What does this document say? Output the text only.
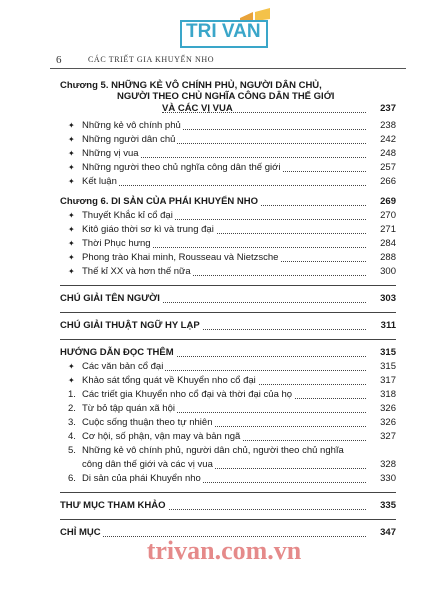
TRI VAN
6	CÁC TRIẾT GIA KHUYỂN NHO
Chương 5. NHỮNG KẺ VÔ CHÍNH PHỦ, NGƯỜI DÂN CHỦ,
NGƯỜI THEO CHỦ NGHĨA CÔNG DÂN THẾ GIỚI
VÀ CÁC VỊ VUA	237
✦ Những kẻ vô chính phủ	238
✦ Những người dân chủ	242
✦ Những vị vua	248
✦ Những người theo chủ nghĩa công dân thế giới	257
✦ Kết luận	266
Chương 6. DI SẢN CỦA PHÁI KHUYỂN NHO	269
✦ Thuyết Khắc kỉ cổ đại	270
✦ Kitô giáo thời sơ kì và trung đại	271
✦ Thời Phục hưng	284
✦ Phong trào Khai minh, Rousseau và Nietzsche	288
✦ Thế kỉ XX và hơn thế nữa	300
CHÚ GIẢI TÊN NGƯỜI	303
CHÚ GIẢI THUẬT NGỮ HY LẠP	311
HƯỚNG DẪN ĐỌC THÊM	315
✦ Các văn bản cổ đại	315
✦ Khảo sát tổng quát về Khuyển nho cổ đại	317
1. Các triết gia Khuyển nho cổ đại và thời đại của họ	318
2. Từ bỏ tập quán xã hội	326
3. Cuộc sống thuận theo tự nhiên	326
4. Cơ hội, số phận, vận may và bản ngã	327
5. Những kẻ vô chính phủ, người dân chủ, người theo chủ nghĩa
công dân thế giới và các vị vua	328
6. Di sản của phái Khuyển nho	330
THƯ MỤC THAM KHẢO	335
CHỈ MỤC	347
trivan.com.vn
